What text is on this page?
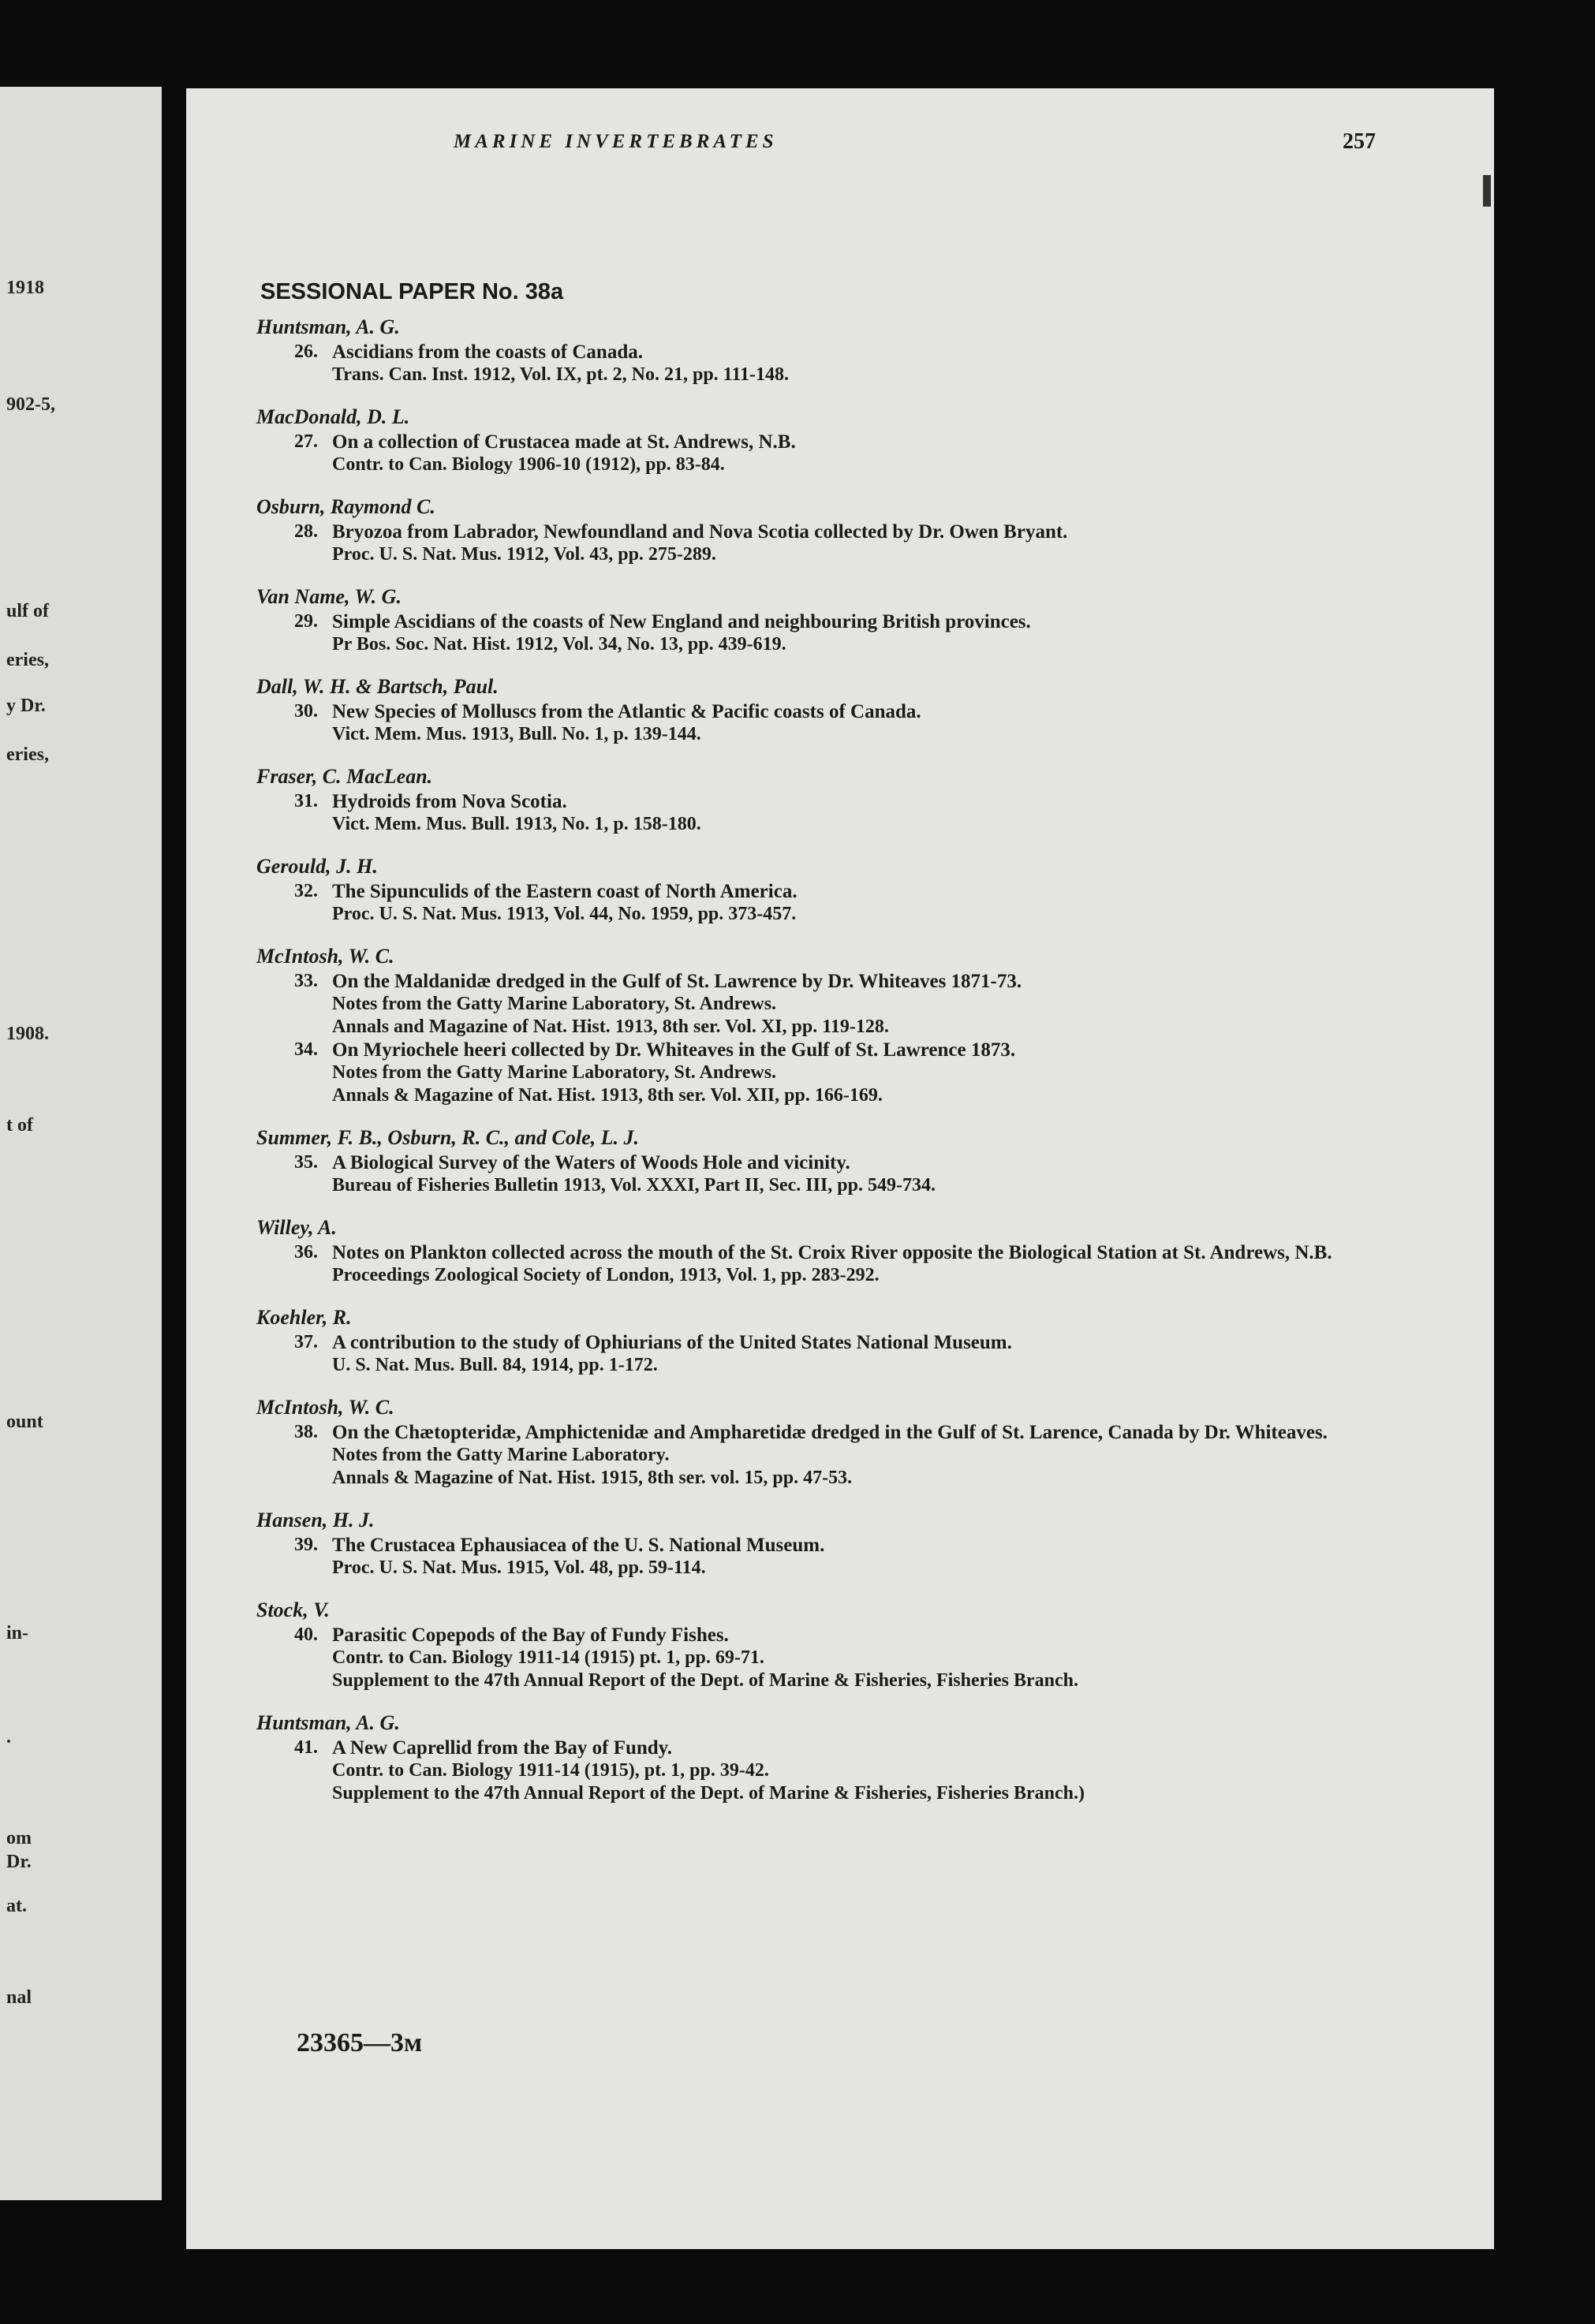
1918
902-5,
ulf of
eries,
y Dr.
eries,
1908.
t of
ount
in-
.
om
Dr.
at.
nal
MARINE INVERTEBRATES	257
SESSIONAL PAPER No. 38a
Huntsman, A. G.
26. Ascidians from the coasts of Canada.
Trans. Can. Inst. 1912, Vol. IX, pt. 2, No. 21, pp. 111-148.
MacDonald, D. L.
27. On a collection of Crustacea made at St. Andrews, N.B.
Contr. to Can. Biology 1906-10 (1912), pp. 83-84.
Osburn, Raymond C.
28. Bryozoa from Labrador, Newfoundland and Nova Scotia collected by Dr. Owen Bryant.
Proc. U. S. Nat. Mus. 1912, Vol. 43, pp. 275-289.
Van Name, W. G.
29. Simple Ascidians of the coasts of New England and neighbouring British provinces.
Pr Bos. Soc. Nat. Hist. 1912, Vol. 34, No. 13, pp. 439-619.
Dall, W. H. & Bartsch, Paul.
30. New Species of Molluscs from the Atlantic & Pacific coasts of Canada.
Vict. Mem. Mus. 1913, Bull. No. 1, p. 139-144.
Fraser, C. MacLean.
31. Hydroids from Nova Scotia.
Vict. Mem. Mus. Bull. 1913, No. 1, p. 158-180.
Gerould, J. H.
32. The Sipunculids of the Eastern coast of North America.
Proc. U. S. Nat. Mus. 1913, Vol. 44, No. 1959, pp. 373-457.
McIntosh, W. C.
33. On the Maldanidæ dredged in the Gulf of St. Lawrence by Dr. Whiteaves 1871-73.
Notes from the Gatty Marine Laboratory, St. Andrews.
Annals and Magazine of Nat. Hist. 1913, 8th ser. Vol. XI, pp. 119-128.
34. On Myriochele heeri collected by Dr. Whiteaves in the Gulf of St. Lawrence 1873.
Notes from the Gatty Marine Laboratory, St. Andrews.
Annals & Magazine of Nat. Hist. 1913, 8th ser. Vol. XII, pp. 166-169.
Summer, F. B., Osburn, R. C., and Cole, L. J.
35. A Biological Survey of the Waters of Woods Hole and vicinity.
Bureau of Fisheries Bulletin 1913, Vol. XXXI, Part II, Sec. III, pp. 549-734.
Willey, A.
36. Notes on Plankton collected across the mouth of the St. Croix River opposite the Biological Station at St. Andrews, N.B.
Proceedings Zoological Society of London, 1913, Vol. 1, pp. 283-292.
Koehler, R.
37. A contribution to the study of Ophiurians of the United States National Museum.
U. S. Nat. Mus. Bull. 84, 1914, pp. 1-172.
McIntosh, W. C.
38. On the Chætopteridæ, Amphictenidæ and Ampharetidæ dredged in the Gulf of St. Larence, Canada by Dr. Whiteaves.
Notes from the Gatty Marine Laboratory.
Annals & Magazine of Nat. Hist. 1915, 8th ser. vol. 15, pp. 47-53.
Hansen, H. J.
39. The Crustacea Ephausiacea of the U. S. National Museum.
Proc. U. S. Nat. Mus. 1915, Vol. 48, pp. 59-114.
Stock, V.
40. Parasitic Copepods of the Bay of Fundy Fishes.
Contr. to Can. Biology 1911-14 (1915) pt. 1, pp. 69-71.
Supplement to the 47th Annual Report of the Dept. of Marine & Fisheries, Fisheries Branch.
Huntsman, A. G.
41. A New Caprellid from the Bay of Fundy.
Contr. to Can. Biology 1911-14 (1915), pt. 1, pp. 39-42.
Supplement to the 47th Annual Report of the Dept. of Marine & Fisheries, Fisheries Branch.)
23365—3м
